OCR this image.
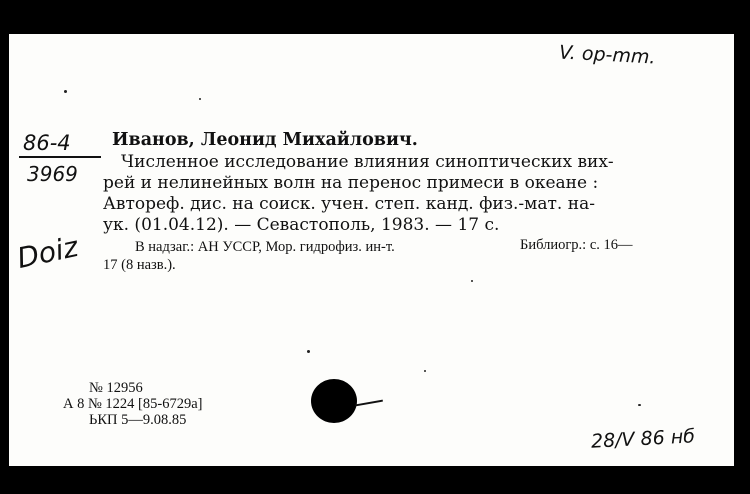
V. op-mm.
86-4
3969
Doiz
Иванов, Леонид Михайлович.
Численное исследование влияния синоптических вих-
рей и нелинейных волн на перенос примеси в океане :
Автореф. дис. на соиск. учен. степ. канд. физ.-мат. на-
ук. (01.04.12). — Севастополь, 1983. — 17 с.
В надзаг.: АН УССР, Мор. гидрофиз. ин-т.	Библиогр.: с. 16—
17 (8 назв.).
№ 12956
А 8 № 1224 [85-6729а]
ЬКП 5—9.08.85
28/V 86 нб
